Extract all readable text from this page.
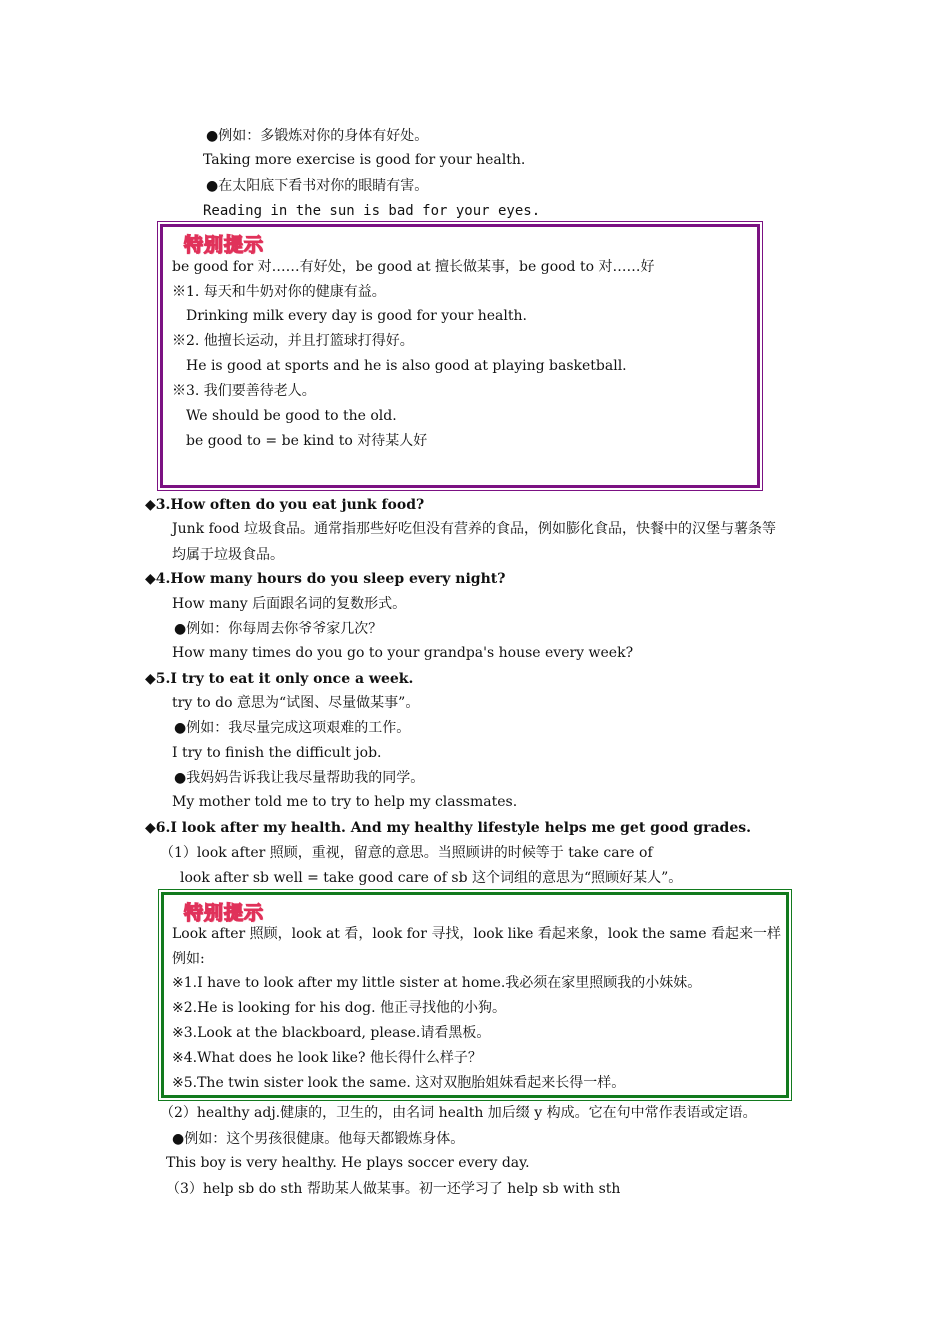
●例如：多锻炼对你的身体有好处。
Taking more exercise is good for your health.
●在太阳底下看书对你的眼睛有害。
Reading in the sun is bad for your eyes.
特别提示
be good for 对……有好处，be good at 擅长做某事，be good to 对……好
※1. 每天和牛奶对你的健康有益。
Drinking milk every day is good for your health.
※2. 他擅长运动，并且打篮球打得好。
He is good at sports and he is also good at playing basketball.
※3. 我们要善待老人。
We should be good to the old.
be good to = be kind to 对待某人好
◆3.How often do you eat junk food?
Junk food 垃圾食品。通常指那些好吃但没有营养的食品，例如膨化食品，快餐中的汉堡与薯条等
均属于垃圾食品。
◆4.How many hours do you sleep every night?
How many 后面跟名词的复数形式。
●例如：你每周去你爷爷家几次？
How many times do you go to your grandpa's house every week?
◆5.I try to eat it only once a week.
try to do 意思为“试图、尽量做某事”。
●例如：我尽量完成这项艰难的工作。
I try to finish the difficult job.
●我妈妈告诉我让我尽量帮助我的同学。
My mother told me to try to help my classmates.
◆6.I look after my health. And my healthy lifestyle helps me get good grades.
（1）look after 照顾，重视，留意的意思。当照顾讲的时候等于 take care of
look after sb well = take good care of sb 这个词组的意思为“照顾好某人”。
特别提示
Look after 照顾，look at 看，look for 寻找，look like 看起来象，look the same 看起来一样
例如:
※1.I have to look after my little sister at home.我必须在家里照顾我的小妹妹。
※2.He is looking for his dog. 他正寻找他的小狗。
※3.Look at the blackboard, please.请看黑板。
※4.What does he look like? 他长得什么样子？
※5.The twin sister look the same. 这对双胞胎姐妹看起来长得一样。
（2）healthy adj.健康的，卫生的，由名词 health 加后缀 y 构成。它在句中常作表语或定语。
●例如：这个男孩很健康。他每天都锻炼身体。
This boy is very healthy. He plays soccer every day.
（3）help sb do sth 帮助某人做某事。初一还学习了 help sb with sth
